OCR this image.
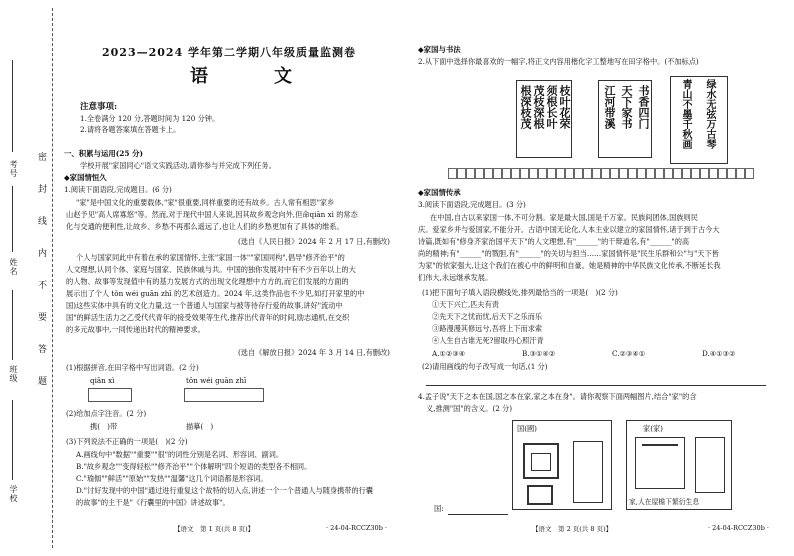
考号
姓名
班级
学校
密
封
线
内
不
要
答
题
2023—2024 学年第二学期八年级质量监测卷
语　文
注意事项:
1.全卷满分 120 分,答题时间为 120 分钟。
2.请将各题答案填在答题卡上。
一、积累与运用(25 分)
学校开展"家国同心"语文实践活动,请你参与并完成下列任务。
◆家国情恒久
1.阅读下面语段,完成题目。(6 分)
"家"是中国文化的重要载体,"家"很重要,同样重要的还有故乡。古人常有相思"家乡
山赵予见"高人席寡悠"等。然而,对于现代中国人来说,因其故乡观念向外,但命qiān xì 的常态
化与交通的便利性,让故乡、乡愁不再那么遥远了,也让人们的乡愁更加有了具体的维系。
(选自《人民日报》2024 年 2 月 17 日,有删改)
个人与国家同此中有着在承的家国情怀,主张"家国一体""家国同构",倡导"修齐治平"的
人文理想,认同个体、家庭与国家、民族休戚与共。中国的独你发展对中有不少百年以上的大
的人物、故事等发现值中有的基力发展方式的出现文化理想中方方的,而它们发展的方面的
展示出了个人 tǒn wéi guān zhī 的艺术创造力。2024 年,这类作品也不少见,如打开家里的中
国)这些实体中具有的文化力量,这一个普通人与国家与被等待存行爱的故事,讲好"流动中
国"的鲜活生活力之乙受代代青年的接受效果等生代,推荐出代青年的时间,励志通机,在交织
的多元故事中,一同传递出时代的精神要求。
(选自《解放日报》2024 年 3 月 14 日,有删改)
(1)根据拼音,在田字格中写出词语。(2 分)
qiān xì	tǒn wéi guān zhī
(2)给加点字注音。(2 分)
携(　)带	描摹(　)
(3)下列说法不正确的一项是(　)(2 分)
A.画线句中"数据""重要""很"的词性分别是名词、形容词、副词。
B."故乡观念""变得轻松""修齐治平""个体解明"四个短语的类型各不相同。
C."瑜伽""鲜活""原始""发热""温馨"这几个词语都是形容词。
D."讨好发现中的中国"通过进行重复这个故特的切入点,讲述一个一个普通人与随身携带的行囊
的故事"的主干是"《行囊里的中国》讲述故事"。
【语文　第 1 页(共 8 页)】	· 24-04-RCCZ30b ·
◆家国与书法
2.从下面中选择你最喜欢的一幅字,将正文内容用楷化字工整地写在田字格中。(不加标点)
根深枝茂 茂枝深根 须根长叶 枝叶花荣	江河带溪 天下家书 书香四门	青山不墨千秋画 绿水无弦万古琴
◆家国情传承
3.阅读下面语段,完成题目。(3 分)
在中国,自古以来家国一体,不可分割。家是最大国,国是千万家。民族间团体,国族则民
庆。爱家乡并与爱国家,不能分开。古语中国无论化,人本主业以建立的家国情怀,诸于到于古今大
诗篇,既如有"修身齐家治国平天下"的人文理想,有"______"的干辩道名,有"______"的高
尚的精神;有"______"的戮胆,有"______"的关切与担当……家国情怀是"民生乐群和公"与"天下皆
为家"的依家强大,让这个我们在被心中的鲜明和自豪。她是精神的中华民族文化传承,不断延长我
们伟大,永远继承发展。
(1)把下面句子填入语段横线处,排列最恰当的一项是(　)(2 分)
①天下兴亡,匹夫有责
②先天下之忧而忧,后天下之乐而乐
③路漫漫其修远兮,吾将上下而求索
④人生自古谁无死?留取丹心照汗青
A.①②③④	B.③①④②	C.②③④①	D.④①③②
(2)请用画线的句子改写成一句话,(1 分)
4.孟子说"天下之本在国,国之本在家,家之本在身"。请你观察下面两幅图片,结合"家"的含
义,推测"国"的含义。(2 分)
国(國)	家(家)
家,人在屋檐下繁衍生息
国:
【语文　第 2 页(共 8 页)】	· 24-04-RCCZ30b ·
